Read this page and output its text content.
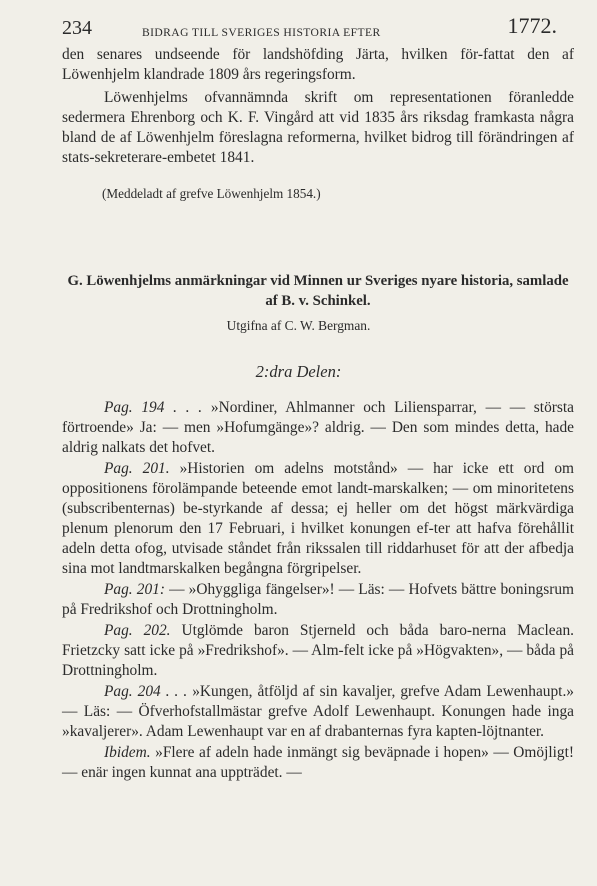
234	BIDRAG TILL SVERIGES HISTORIA EFTER	1772.

den senares undseende för landshöfding Järta, hvilken för-fattat den af Löwenhjelm klandrade 1809 års regeringsform.

Löwenhjelms ofvannämnda skrift om representationen föranledde sedermera Ehrenborg och K. F. Vingård att vid 1835 års riksdag framkasta några bland de af Löwenhjelm föreslagna reformerna, hvilket bidrog till förändringen af stats-sekreterare-embetet 1841.

(Meddeladt af grefve Löwenhjelm 1854.)
G. Löwenhjelms anmärkningar vid Minnen ur Sveriges nyare historia, samlade af B. v. Schinkel.
Utgifna af C. W. Bergman.
2:dra Delen:

Pag. 194 . . . »Nordiner, Ahlmanner och Liliensparrar, — — största förtroende» Ja: — men »Hofumgänge»? aldrig. — Den som mindes detta, hade aldrig nalkats det hofvet.

Pag. 201. »Historien om adelns motstånd» — har icke ett ord om oppositionens förolämpande beteende emot landt-marskalken; — om minoritetens (subscribenternas) be-styrkande af dessa; ej heller om det högst märkvärdiga plenum plenorum den 17 Februari, i hvilket konungen ef-ter att hafva förehållit adeln detta ofog, utvisade ståndet från rikssalen till riddarhuset för att der afbedja sina mot landtmarskalken begångna förgripelser.

Pag. 201: — »Ohyggliga fängelser»! — Läs: — Hofvets bättre boningsrum på Fredrikshof och Drottningholm.

Pag. 202. Utglömde baron Stjerneld och båda baro-nerna Maclean. Frietzcky satt icke på »Fredrikshof». — Alm-felt icke på »Högvakten», — båda på Drottningholm.

Pag. 204 . . . »Kungen, åtföljd af sin kavaljer, grefve Adam Lewenhaupt.» — Läs: — Öfverhofstallmästar grefve Adolf Lewenhaupt. Konungen hade inga »kavaljerer». Adam Lewenhaupt var en af drabanternas fyra kapten-löjtnanter.

Ibidem. »Flere af adeln hade inmängt sig beväpnade i hopen» — Omöjligt! — enär ingen kunnat ana uppträdet. —
